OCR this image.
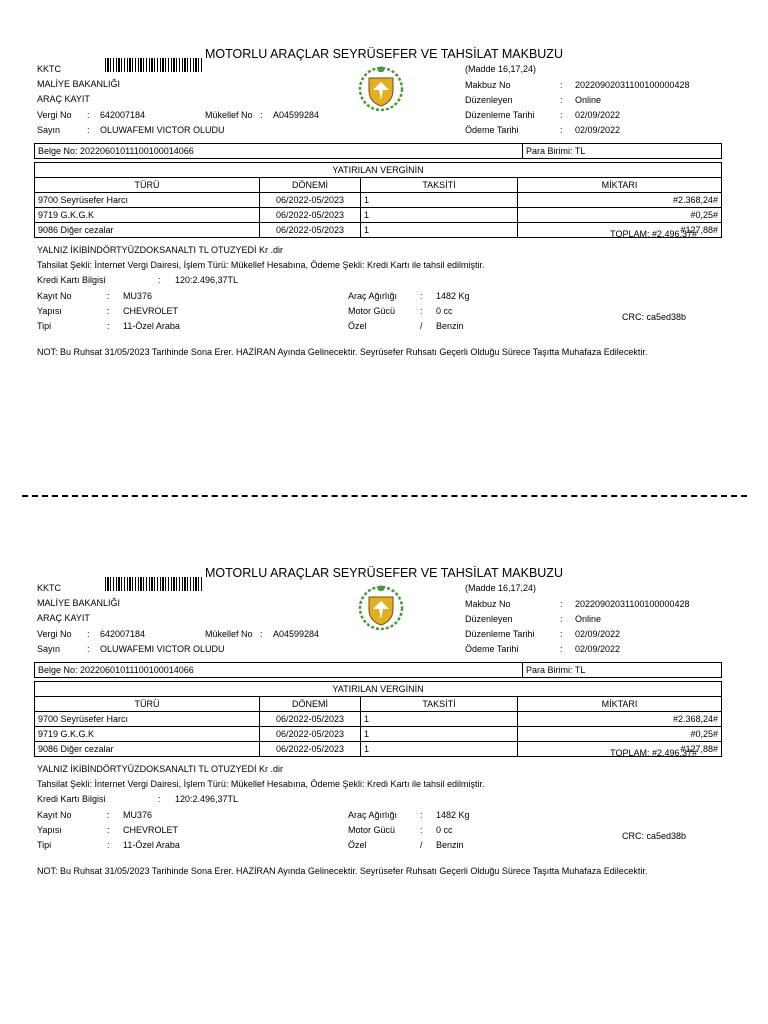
MOTORLU ARAÇLAR SEYRÜSEFER VE TAHSİLAT MAKBUZU
KKTC
MALİYE BAKANLIĞI
ARAÇ KAYIT
Vergi No : 642007184	Mükellef No : A04599284
Sayın	: OLUWAFEMI VICTOR OLUDU
(Madde 16,17,24)
Makbuz No	: 20220902031100100000428
Düzenleyen	: Online
Düzenleme Tarihi	: 02/09/2022
Ödeme Tarihi	: 02/09/2022
Belge No: 20220601011100100014066	Para Birimi: TL
YATIRILAN VERGİNİN			
TÜRÜ	DÖNEMİ	TAKSİTİ	MİKTARI
9700 Seyrüsefer Harcı	06/2022-05/2023	1	#2.368,24#
9719 G.K.G.K	06/2022-05/2023	1	#0,25#
9086 Diğer cezalar	06/2022-05/2023	1	#127,88#
TOPLAM: #2.496,37#
YALNIZ İKİBİNDÖRTYÜZDOKSANALTI TL OTUZYEDİ Kr .dir
Tahsilat Şekli: İnternet Vergi Dairesi, İşlem Türü: Mükellef Hesabına, Ödeme Şekli: Kredi Kartı ile tahsil edilmiştir.
Kredi Kartı Bilgisi	: 120:2.496,37TL
Kayıt No	: MU376
Yapısı	: CHEVROLET
Tipi	: 11-Özel Araba
Araç Ağırlığı	: 1482 Kg
Motor Gücü	: 0 cc
Özel	/ Benzin
CRC: ca5ed38b
NOT: Bu Ruhsat 31/05/2023 Tarihinde Sona Erer. HAZİRAN Ayında Gelinecektir. Seyrüsefer Ruhsatı Geçerli Olduğu Sürece Taşıtta Muhafaza Edilecektir.
MOTORLU ARAÇLAR SEYRÜSEFER VE TAHSİLAT MAKBUZU
KKTC
MALİYE BAKANLIĞI
ARAÇ KAYIT
Vergi No : 642007184	Mükellef No : A04599284
Sayın	: OLUWAFEMI VICTOR OLUDU
(Madde 16,17,24)
Makbuz No	: 20220902031100100000428
Düzenleyen	: Online
Düzenleme Tarihi	: 02/09/2022
Ödeme Tarihi	: 02/09/2022
Belge No: 20220601011100100014066	Para Birimi: TL
YATIRILAN VERGİNİN			
TÜRÜ	DÖNEMİ	TAKSİTİ	MİKTARI
9700 Seyrüsefer Harcı	06/2022-05/2023	1	#2.368,24#
9719 G.K.G.K	06/2022-05/2023	1	#0,25#
9086 Diğer cezalar	06/2022-05/2023	1	#127,88#
TOPLAM: #2.496,37#
YALNIZ İKİBİNDÖRTYÜZDOKSANALTI TL OTUZYEDİ Kr .dir
Tahsilat Şekli: İnternet Vergi Dairesi, İşlem Türü: Mükellef Hesabına, Ödeme Şekli: Kredi Kartı ile tahsil edilmiştir.
Kredi Kartı Bilgisi	: 120:2.496,37TL
Kayıt No	: MU376
Yapısı	: CHEVROLET
Tipi	: 11-Özel Araba
Araç Ağırlığı	: 1482 Kg
Motor Gücü	: 0 cc
Özel	/ Benzin
CRC: ca5ed38b
NOT: Bu Ruhsat 31/05/2023 Tarihinde Sona Erer. HAZİRAN Ayında Gelinecektir. Seyrüsefer Ruhsatı Geçerli Olduğu Sürece Taşıtta Muhafaza Edilecektir.
